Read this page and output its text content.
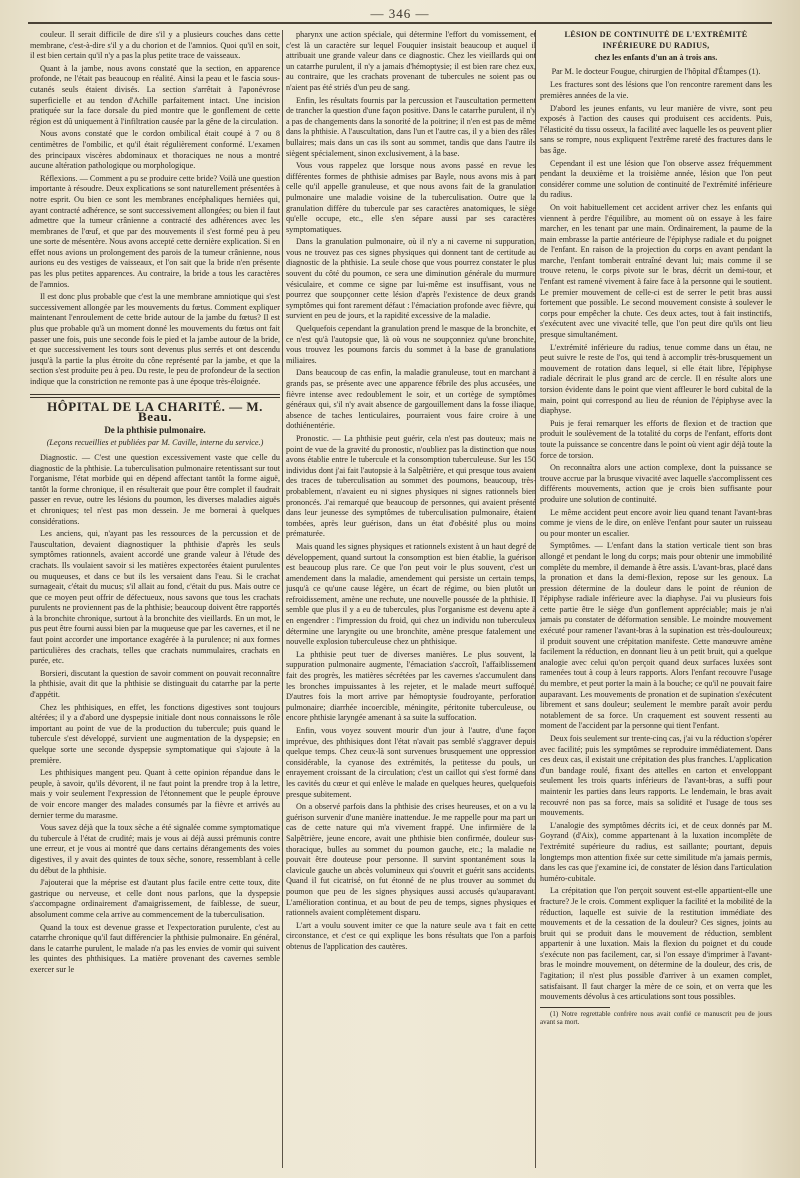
— 346 —

couleur. Il serait difficile de dire s'il y a plusieurs couches dans cette membrane, c'est-à-dire s'il y a du chorion et de l'amnios. Quoi qu'il en soit, il est bien certain qu'il n'y a pas la plus petite trace de vaisseaux.

Quant à la jambe, nous avons constaté que la section, en apparence profonde, ne l'était pas beaucoup en réalité. Ainsi la peau et le fascia sous-cutanés seuls étaient divisés. La section s'arrêtait à l'aponévrose superficielle et au tendon d'Achille parfaitement intact. Une incision pratiquée sur la face dorsale du pied montre que le gonflement de cette région est dû uniquement à l'infiltration causée par la gêne de la circulation.

Nous avons constaté que le cordon ombilical était coupé à 7 ou 8 centimètres de l'ombilic, et qu'il était régulièrement conformé. L'examen des principaux viscères abdominaux et thoraciques ne nous a montré aucune altération pathologique ou morphologique.

Réflexions. — Comment a pu se produire cette bride? Voilà une question importante à résoudre. Deux explications se sont naturellement présentées à notre esprit. Ou bien ce sont les membranes encéphaliques herniées qui, ayant contracté adhérence, se sont successivement allongées; ou bien il faut admettre que la tumeur crânienne a contracté des adhérences avec les membranes de l'œuf, et que par des mouvements il s'est formé peu à peu une sorte de mésentère. Nous avons accepté cette dernière explication. Si en effet nous avions un prolongement des parois de la tumeur crânienne, nous aurions eu des vestiges de vaisseaux, et l'on sait que la bride n'en présente pas les plus petites apparences. Au contraire, la bride a tous les caractères de l'amnios.

Il est donc plus probable que c'est la une membrane amniotique qui s'est successivement allongée par les mouvements du fœtus. Comment expliquer maintenant l'enroulement de cette bride autour de la jambe du fœtus? Il est plus que probable qu'à un moment donné les mouvements du fœtus ont fait passer une fois, puis une seconde fois le pied et la jambe autour de la bride, et que successivement les tours sont devenus plus serrés et ont descendu jusqu'à la partie la plus étroite du cône représenté par la jambe, et que la section s'est produite peu à peu. Du reste, le peu de profondeur de la section indique que la constriction ne remonte pas à une époque très-éloignée.

HÔPITAL DE LA CHARITÉ. — M. Beau.
De la phthisie pulmonaire.
(Leçons recueillies et publiées par M. Caville, interne du service.)

Diagnostic. — C'est une question excessivement vaste que celle du diagnostic de la phthisie. La tuberculisation pulmonaire retentissant sur tout l'organisme, l'état morbide qui en dépend affectant tantôt la forme aiguë, tantôt la forme chronique, il en résulterait que pour être complet il faudrait passer en revue, outre les lésions du poumon, les diverses maladies aiguës et chroniques; tel n'est pas mon dessein. Je me bornerai à quelques considérations.

Les anciens, qui, n'ayant pas les ressources de la percussion et de l'auscultation, devaient diagnostiquer la phthisie d'après les seuls symptômes rationnels, avaient accordé une grande valeur à l'étude des crachats. Ils voulaient savoir si les matières expectorées étaient purulentes ou muqueuses, et dans ce but ils les versaient dans l'eau. Si le crachat surnageait, c'était du mucus; s'il allait au fond, c'était du pus. Mais outre ce que ce moyen peut offrir de défectueux, nous savons que tous les crachats purulents ne proviennent pas de la phthisie; beaucoup doivent être rapportés à la bronchite chronique, surtout à la bronchite des vieillards. En un mot, le pus peut être fourni aussi bien par la muqueuse que par les cavernes, et il ne faut point accorder une importance exagérée à la purulence; ni aux formes particulières des crachats, telles que crachats nummulaires, crachats en purée, etc.

Borsieri, discutant la question de savoir comment on pouvait reconnaître la phthisie, avait dit que la phthisie se distinguait du catarrhe par la perte d'appétit.

Chez les phthisiques, en effet, les fonctions digestives sont toujours altérées; il y a d'abord une dyspepsie initiale dont nous connaissons le rôle important au point de vue de la production du tubercule; puis quand le tubercule s'est développé, survient une augmentation de la dyspepsie; en quelque sorte une seconde dyspepsie symptomatique qui s'ajoute à la première.

Les phthisiques mangent peu. Quant à cette opinion répandue dans le peuple, à savoir, qu'ils dévorent, il ne faut point la prendre trop à la lettre, mais y voir seulement l'expression de l'étonnement que le peuple éprouve de voir encore manger des malades consumés par la fièvre et arrivés au dernier terme du marasme.

Vous savez déjà que la toux sèche a été signalée comme symptomatique du tubercule à l'état de crudité; mais je vous ai déjà aussi prémunis contre une erreur, et je vous ai montré que dans certains dérangements des voies digestives, il y avait des quintes de toux sèche, sonore, ressemblant à celle du début de la phthisie.

J'ajouterai que la méprise est d'autant plus facile entre cette toux, dite gastrique ou nerveuse, et celle dont nous parlons, que la dyspepsie s'accompagne ordinairement d'amaigrissement, de faiblesse, de sueur, absolument comme cela arrive au commencement de la tuberculisation.

Quand la toux est devenue grasse et l'expectoration purulente, c'est au catarrhe chronique qu'il faut différencier la phthisie pulmonaire. En général, dans le catarrhe purulent, le malade n'a pas les envies de vomir qui suivent les quintes des phthisiques. La matière provenant des cavernes semble exercer sur le

pharynx une action spéciale, qui détermine l'effort du vomissement, et c'est là un caractère sur lequel Fouquier insistait beaucoup et auquel il attribuait une grande valeur dans ce diagnostic. Chez les vieillards qui ont un catarrhe purulent, il n'y a jamais d'hémoptysie; il est bien rare chez eux, au contraire, que les crachats provenant de tubercules ne soient pas ou n'aient pas été striés d'un peu de sang.

Enfin, les résultats fournis par la percussion et l'auscultation permettent de trancher la question d'une façon positive. Dans le catarrhe purulent, il n'y a pas de changements dans la sonorité de la poitrine; il n'en est pas de même dans la phthisie. A l'auscultation, dans l'un et l'autre cas, il y a bien des râles bullaires; mais dans un cas ils sont au sommet, tandis que dans l'autre ils siègent spécialement, sinon exclusivement, à la base.

Vous vous rappelez que lorsque nous avons passé en revue les différentes formes de phthisie admises par Bayle, nous avons mis à part celle qu'il appelle granuleuse, et que nous avons fait de la granulation pulmonaire une maladie voisine de la tuberculisation. Outre que la granulation diffère du tubercule par ses caractères anatomiques, le siège qu'elle occupe, etc., elle s'en sépare aussi par ses caractères symptomatiques.

Dans la granulation pulmonaire, où il n'y a ni caverne ni suppuration, vous ne trouvez pas ces signes physiques qui donnent tant de certitude au diagnostic de la phthisie. La seule chose que vous pourrez constater le plus souvent du côté du poumon, ce sera une diminution générale du murmure vésiculaire, et comme ce signe par lui-même est insuffisant, vous ne pourrez que soupçonner cette lésion d'après l'existence de deux grands symptômes qui font rarement défaut : l'émaciation profonde avec fièvre, qui survient en peu de jours, et la rapidité excessive de la maladie.

Quelquefois cependant la granulation prend le masque de la bronchite, et ce n'est qu'à l'autopsie que, là où vous ne soupçonniez qu'une bronchite, vous trouvez les poumons farcis du sommet à la base de granulations miliaires.

Dans beaucoup de cas enfin, la maladie granuleuse, tout en marchant à grands pas, se présente avec une apparence fébrile des plus accusées, une fièvre intense avec redoublement le soir, et un cortège de symptômes généraux qui, s'il n'y avait absence de gargouillement dans la fosse iliaque, absence de taches lenticulaires, pourraient vous faire croire à une dothiénentérie.

Pronostic. — La phthisie peut guérir, cela n'est pas douteux; mais ne point de vue de la gravité du pronostic, n'oubliez pas la distinction que nous avons établie entre le tubercule et la consomption tuberculeuse. Sur les 150 individus dont j'ai fait l'autopsie à la Salpêtrière, et qui presque tous avaient des traces de tuberculisation au sommet des poumons, beaucoup, très-probablement, n'avaient eu ni signes physiques ni signes rationnels bien prononcés. J'ai remarqué que beaucoup de personnes, qui avaient présenté dans leur jeunesse des symptômes de tuberculisation pulmonaire, étaient tombées, après leur guérison, dans un état d'obésité plus ou moins prématurée.

Mais quand les signes physiques et rationnels existent à un haut degré de développement, quand surtout la consomption est bien établie, la guérison est beaucoup plus rare. Ce que l'on peut voir le plus souvent, c'est un amendement dans la maladie, amendement qui persiste un certain temps, jusqu'à ce qu'une cause légère, un écart de régime, ou bien plutôt un refroidissement, amène une rechute, une nouvelle poussée de la phthisie. Il semble que plus il y a eu de tubercules, plus l'organisme est devenu apte à en engendrer : l'impression du froid, qui chez un individu non tuberculeux détermine une laryngite ou une bronchite, amène presque fatalement une nouvelle explosion tuberculeuse chez un phthisique.

La phthisie peut tuer de diverses manières. Le plus souvent, la suppuration pulmonaire augmente, l'émaciation s'accroît, l'affaiblissement fait des progrès, les matières sécrétées par les cavernes s'accumulent dans les bronches impuissantes à les rejeter, et le malade meurt suffoqué. D'autres fois la mort arrive par hémoptysie foudroyante, perforation pulmonaire; diarrhée incoercible, méningite, péritonite tuberculeuse, ou encore phthisie laryngée amenant à sa suite la suffocation.

Enfin, vous voyez souvent mourir d'un jour à l'autre, d'une façon imprévue, des phthisiques dont l'état n'avait pas semblé s'aggraver depuis quelque temps. Chez ceux-là sont survenues brusquement une oppression considérable, la cyanose des extrémités, la petitesse du pouls, un enrayement croissant de la circulation; c'est un caillot qui s'est formé dans les cavités du cœur et qui enlève le malade en quelques heures, quelquefois presque subitement.

On a observé parfois dans la phthisie des crises heureuses, et on a vu la guérison survenir d'une manière inattendue. Je me rappelle pour ma part un cas de cette nature qui m'a vivement frappé. Une infirmière de la Salpêtrière, jeune encore, avait une phthisie bien confirmée, douleur sus-thoracique, bulles au sommet du poumon gauche, etc.; la maladie ne pouvait être douteuse pour personne. Il survint spontanément sous la clavicule gauche un abcès volumineux qui s'ouvrit et guérit sans accidents. Quand il fut cicatrisé, on fut étonné de ne plus trouver au sommet du poumon que peu de les signes physiques aussi accusés qu'auparavant. L'amélioration continua, et au bout de peu de temps, signes physiques et rationnels avaient complètement disparu.

L'art a voulu souvent imiter ce que la nature seule ava t fait en cette circonstance, et c'est ce qui explique les bons résultats que l'on a parfois obtenus de l'application des cautères.

LÉSION DE CONTINUITÉ DE L'EXTRÉMITÉ INFÉRIEURE DU RADIUS,
chez les enfants d'un an à trois ans.
Par M. le docteur Fougue, chirurgien de l'hôpital d'Étampes (1).

Les fractures sont des lésions que l'on rencontre rarement dans les premières années de la vie.

D'abord les jeunes enfants, vu leur manière de vivre, sont peu exposés à l'action des causes qui produisent ces accidents. Puis, l'élasticité du tissu osseux, la facilité avec laquelle les os peuvent plier sans se rompre, nous expliquent l'extrême rareté des fractures dans le bas âge.

Cependant il est une lésion que l'on observe assez fréquemment pendant la deuxième et la troisième année, lésion que l'on peut considérer comme une solution de continuité de l'extrémité inférieure du radius.

On voit habituellement cet accident arriver chez les enfants qui viennent à perdre l'équilibre, au moment où on essaye à les faire marcher, en les tenant par une main. Ordinairement, la paume de la main embrasse la partie antérieure de l'épiphyse radiale et du poignet de l'enfant. En raison de la projection du corps en avant pendant la marche, l'enfant tomberait entraîné devant lui; mais comme il se trouve retenu, le corps pivote sur le bras, décrit un demi-tour, et l'enfant est ramené vivement à faire face à la personne qui le soutient. Le premier mouvement de celle-ci est de serrer le petit bras aussi fortement que possible. Le second mouvement consiste à soulever le corps pour empêcher la chute. Ces deux actes, tout à fait instinctifs, s'exécutent avec une vivacité telle, que l'on peut dire qu'ils ont lieu presque simultanément.

L'extrémité inférieure du radius, tenue comme dans un étau, ne peut suivre le reste de l'os, qui tend à accomplir très-brusquement un mouvement de rotation dans lequel, si elle était libre, l'épiphyse radiale décrirait le plus grand arc de cercle. Il en résulte alors une torsion évidente dans le point que vient affleurer le bord cubital de la main, point qui correspond au lieu de réunion de l'épiphyse avec la diaphyse.

Puis je ferai remarquer les efforts de flexion et de traction que produit le soulèvement de la totalité du corps de l'enfant, efforts dont toute la puissance se concentre dans le point où vient agir déjà toute la force de torsion.

On reconnaîtra alors une action complexe, dont la puissance se trouve accrue par la brusque vivacité avec laquelle s'accomplissent ces différents mouvements, action que je crois bien suffisante pour produire une solution de continuité.

Le même accident peut encore avoir lieu quand tenant l'avant-bras comme je viens de le dire, on enlève l'enfant pour sauter un ruisseau ou pour monter un escalier.

Symptômes. — L'enfant dans la station verticale tient son bras allongé et pendant le long du corps; mais pour obtenir une immobilité complète du membre, il demande à être assis. L'avant-bras, placé dans la pronation et dans la demi-flexion, repose sur les genoux. La pression détermine de la douleur dans le point de réunion de l'épiphyse radiale inférieure avec la diaphyse. J'ai vu plusieurs fois cette partie être le siège d'un gonflement appréciable; mais je n'ai jamais pu constater de déformation sensible. Le moindre mouvement exécuté pour ramener l'avant-bras à la supination est très-douloureux; il produit souvent une crépitation manifeste. Cette manœuvre amène facilement la réduction, en donnant lieu à un petit bruit, qui a quelque analogie avec celui qu'on perçoit quand deux surfaces luxées sont ramenées tout à coup à leurs rapports. Alors l'enfant recouvre l'usage du membre, et peut porter la main à la bouche; ce qu'il ne pouvait faire auparavant. Les mouvements de pronation et de supination s'exécutent librement et sans douleur; seulement le membre paraît avoir perdu notablement de sa force. Un craquement est souvent ressenti au moment de l'accident par la personne qui tient l'enfant.

Deux fois seulement sur trente-cinq cas, j'ai vu la réduction s'opérer avec facilité; puis les symptômes se reproduire immédiatement. Dans ces deux cas, il existait une crépitation des plus franches. L'application d'un bandage roulé, fixant des attelles en carton et enveloppant seulement les trois quarts inférieurs de l'avant-bras, a suffi pour maintenir les parties dans leurs rapports. Le lendemain, le bras avait recouvré non pas sa force, mais sa solidité et l'usage de tous ses mouvements.

L'analogie des symptômes décrits ici, et de ceux donnés par M. Goyrand (d'Aix), comme appartenant à la luxation incomplète de l'extrémité supérieure du radius, est saillante; pourtant, depuis longtemps mon attention fixée sur cette similitude m'a jamais permis, dans les cas que j'examine ici, de constater de lésion dans l'articulation huméro-cubitale.

La crépitation que l'on perçoit souvent est-elle appartient-elle une fracture? Je le crois. Comment expliquer la facilité et la mobilité de la réduction, laquelle est suivie de la restitution immédiate des mouvements et de la cessation de la douleur? Ces signes, joints au bruit qui se produit dans le mouvement de réduction, semblent appartenir à une luxation. Mais la flexion du poignet et du coude s'exécute non pas facilement, car, si l'on essaye d'imprimer à l'avant-bras le moindre mouvement, on détermine de la douleur, des cris, de l'agitation; il n'est plus possible d'arriver à un examen complet, satisfaisant. Il faut charger la mère de ce soin, et on verra que les mouvements dévolus à ces articulations sont tous possibles.

(1) Notre regrettable confrère nous avait confié ce manuscrit peu de jours avant sa mort.
